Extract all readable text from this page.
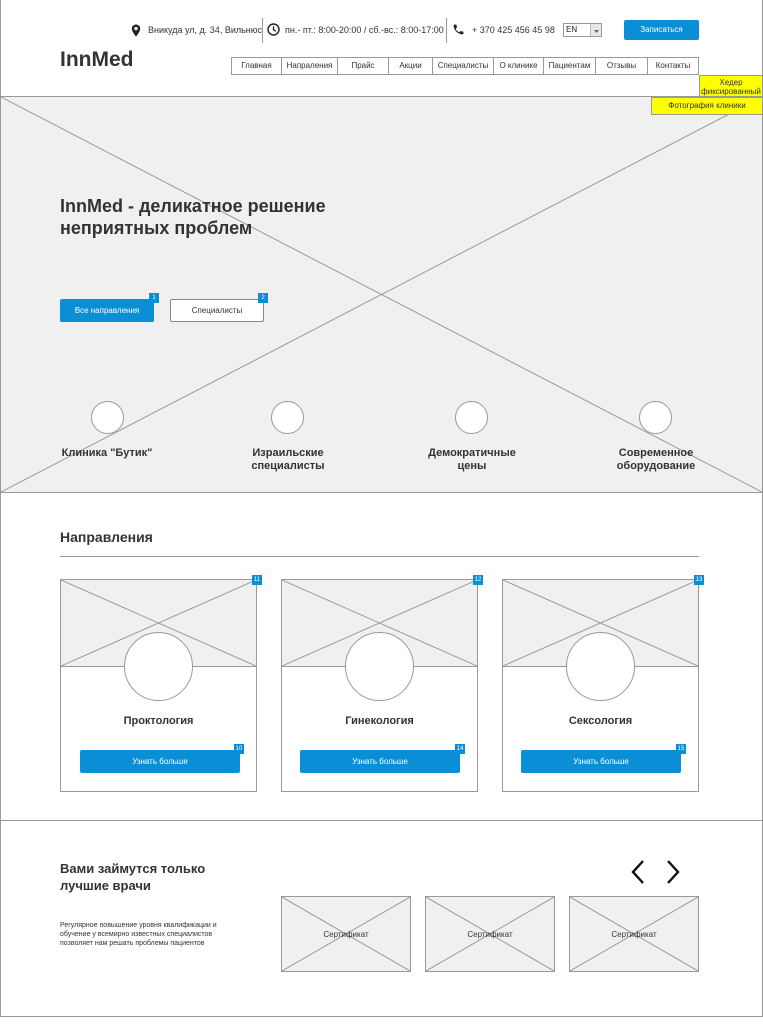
Вникуда ул, д. 34, Вильнюс	пн.- пт.: 8:00-20:00 / сб.-вс.: 8:00-17:00	+ 370 425 456 45 98 EN	Записаться
InnMed	Главная	Напраления	Прайс	Акции	Специалисты	О клинике	Пациентам	Отзывы	Контакты
Хедер фиксированный
Фотография клиники
InnMed - деликатное решение неприятных проблем
Все направления
1
Специалисты
2
Клиника "Бутик"	Израильские
специалисты
Демократичные
цены
Современное
оборудование
Направления
Проктология
Узнать больше
11
10
Гинекология
Узнать больше
12
14
Сексология
Узнать больше
13
15
Вами займутся только лучшие врачи
Регулярное повышение уровня квалификации и обучение у всемирно известных специалистов позволяет нам решать проблемы пациентов
Сертификат	Сертификат	Сертификат
